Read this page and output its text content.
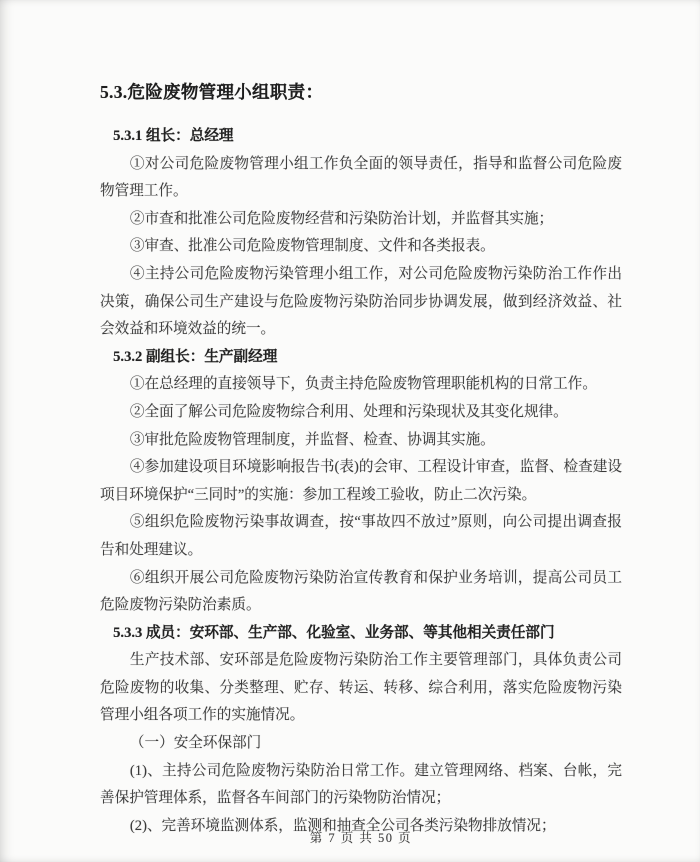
5.3.危险废物管理小组职责：
5.3.1 组长：总经理

①对公司危险废物管理小组工作负全面的领导责任，指导和监督公司危险废物管理工作。

②市查和批准公司危险废物经营和污染防治计划，并监督其实施；

③审查、批准公司危险废物管理制度、文件和各类报表。

④主持公司危险废物污染管理小组工作，对公司危险废物污染防治工作作出决策，确保公司生产建设与危险废物污染防治同步协调发展，做到经济效益、社会效益和环境效益的统一。

5.3.2 副组长：生产副经理

①在总经理的直接领导下，负责主持危险废物管理职能机构的日常工作。

②全面了解公司危险废物综合利用、处理和污染现状及其变化规律。

③审批危险废物管理制度，并监督、检查、协调其实施。

④参加建设项目环境影响报告书(表)的会审、工程设计审查，监督、检查建设项目环境保护“三同时”的实施：参加工程竣工验收，防止二次污染。

⑤组织危险废物污染事故调查，按“事故四不放过”原则，向公司提出调查报告和处理建议。

⑥组织开展公司危险废物污染防治宣传教育和保护业务培训，提高公司员工危险废物污染防治素质。

5.3.3 成员：安环部、生产部、化验室、业务部、等其他相关责任部门

生产技术部、安环部是危险废物污染防治工作主要管理部门，具体负责公司危险废物的收集、分类整理、贮存、转运、转移、综合利用，落实危险废物污染管理小组各项工作的实施情况。

（一）安全环保部门

(1)、主持公司危险废物污染防治日常工作。建立管理网络、档案、台帐，完善保护管理体系，监督各车间部门的污染物防治情况；

(2)、完善环境监测体系，监测和抽查全公司各类污染物排放情况；

第 7 页 共 50 页
